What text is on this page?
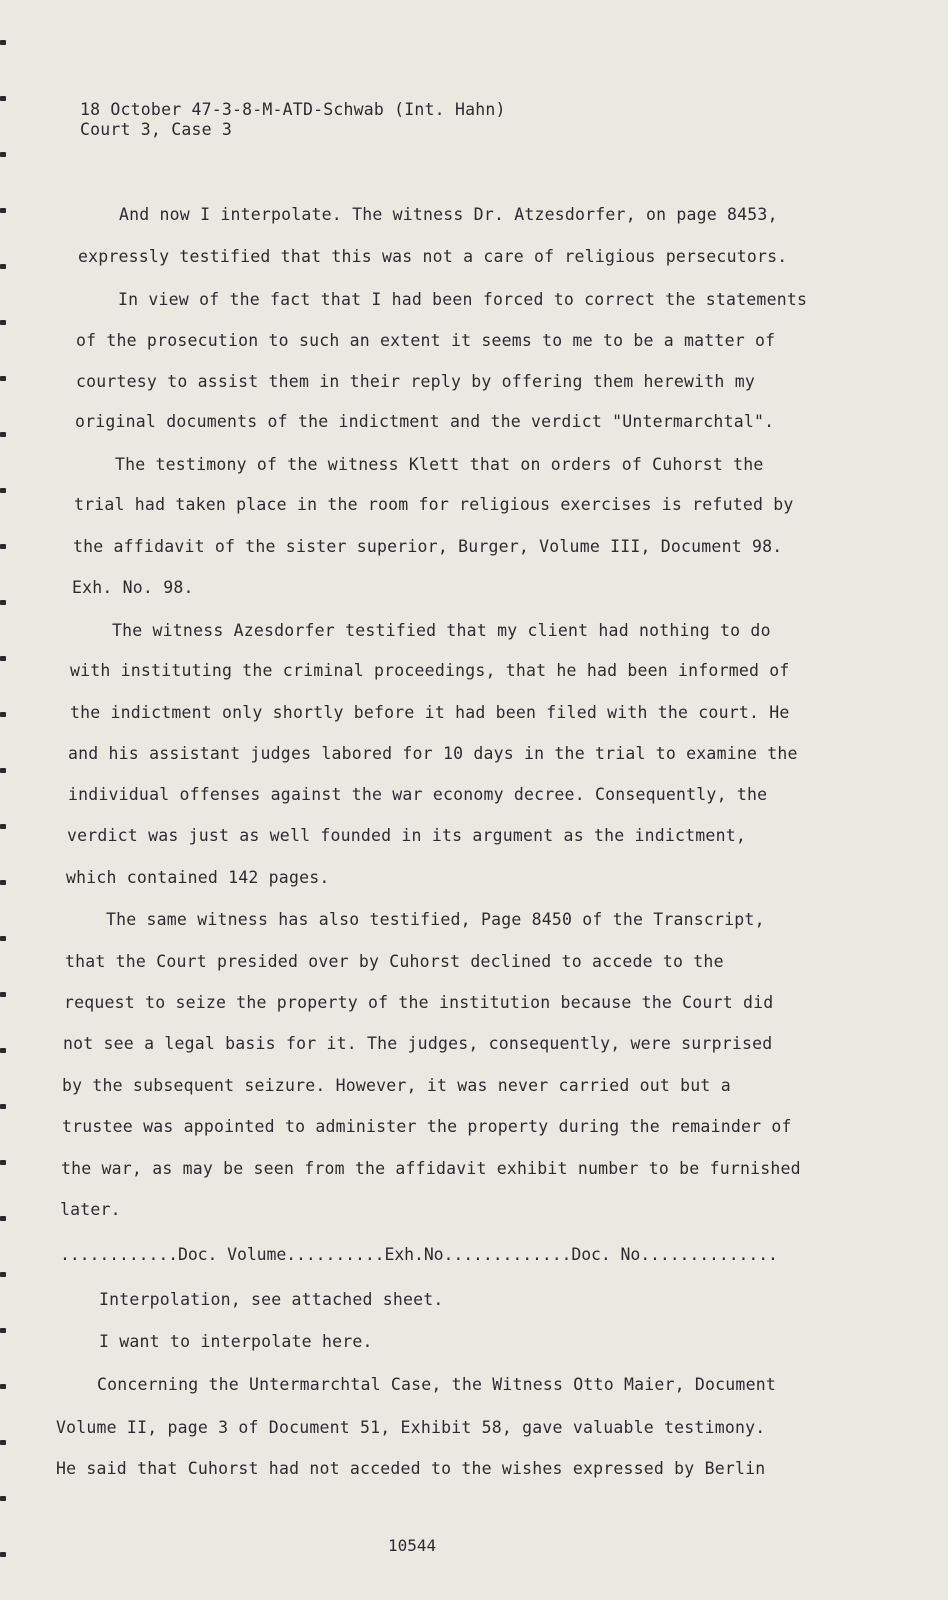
18 October 47-3-8-M-ATD-Schwab (Int. Hahn)
Court 3, Case 3
And now I interpolate. The witness Dr. Atzesdorfer, on page 8453,
expressly testified that this was not a care of religious persecutors.
In view of the fact that I had been forced to correct the statements
of the prosecution to such an extent it seems to me to be a matter of
courtesy to assist them in their reply by offering them herewith my
original documents of the indictment and the verdict "Untermarchtal".
The testimony of the witness Klett that on orders of Cuhorst the
trial had taken place in the room for religious exercises is refuted by
the affidavit of the sister superior, Burger, Volume III, Document 98.
Exh. No. 98.
The witness Azesdorfer testified that my client had nothing to do
with instituting the criminal proceedings, that he had been informed of
the indictment only shortly before it had been filed with the court. He
and his assistant judges labored for 10 days in the trial to examine the
individual offenses against the war economy decree. Consequently, the
verdict was just as well founded in its argument as the indictment,
which contained 142 pages.
The same witness has also testified, Page 8450 of the Transcript,
that the Court presided over by Cuhorst declined to accede to the
request to seize the property of the institution because the Court did
not see a legal basis for it. The judges, consequently, were surprised
by the subsequent seizure. However, it was never carried out but a
trustee was appointed to administer the property during the remainder of
the war, as may be seen from the affidavit exhibit number to be furnished
later.
............Doc. Volume..........Exh.No.............Doc. No..............
Interpolation, see attached sheet.
I want to interpolate here.
Concerning the Untermarchtal Case, the Witness Otto Maier, Document
Volume II, page 3 of Document 51, Exhibit 58, gave valuable testimony.
He said that Cuhorst had not acceded to the wishes expressed by Berlin
10544
